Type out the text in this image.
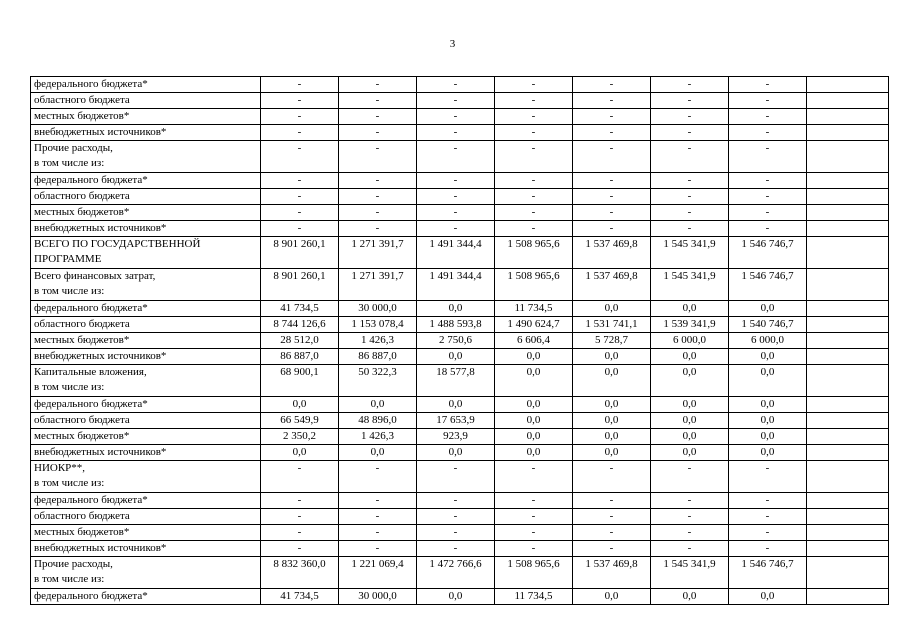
3
федерального бюджета*	-	-	-	-	-	-	-	
областного бюджета	-	-	-	-	-	-	-	
местных бюджетов*	-	-	-	-	-	-	-	
внебюджетных источников*	-	-	-	-	-	-	-	
Прочие расходы,
в том числе из:	-	-	-	-	-	-	-	
федерального бюджета*	-	-	-	-	-	-	-	
областного бюджета	-	-	-	-	-	-	-	
местных бюджетов*	-	-	-	-	-	-	-	
внебюджетных источников*	-	-	-	-	-	-	-	
ВСЕГО ПО ГОСУДАРСТВЕННОЙ
ПРОГРАММЕ	8 901 260,1	1 271 391,7	1 491 344,4	1 508 965,6	1 537 469,8	1 545 341,9	1 546 746,7	
Всего финансовых затрат,
в том числе из:	8 901 260,1	1 271 391,7	1 491 344,4	1 508 965,6	1 537 469,8	1 545 341,9	1 546 746,7	
федерального бюджета*	41 734,5	30 000,0	0,0	11 734,5	0,0	0,0	0,0	
областного бюджета	8 744 126,6	1 153 078,4	1 488 593,8	1 490 624,7	1 531 741,1	1 539 341,9	1 540 746,7	
местных бюджетов*	28 512,0	1 426,3	2 750,6	6 606,4	5 728,7	6 000,0	6 000,0	
внебюджетных источников*	86 887,0	86 887,0	0,0	0,0	0,0	0,0	0,0	
Капитальные вложения,
в том числе из:	68 900,1	50 322,3	18 577,8	0,0	0,0	0,0	0,0	
федерального бюджета*	0,0	0,0	0,0	0,0	0,0	0,0	0,0	
областного бюджета	66 549,9	48 896,0	17 653,9	0,0	0,0	0,0	0,0	
местных бюджетов*	2 350,2	1 426,3	923,9	0,0	0,0	0,0	0,0	
внебюджетных источников*	0,0	0,0	0,0	0,0	0,0	0,0	0,0	
НИОКР**,
в том числе из:	-	-	-	-	-	-	-	
федерального бюджета*	-	-	-	-	-	-	-	
областного бюджета	-	-	-	-	-	-	-	
местных бюджетов*	-	-	-	-	-	-	-	
внебюджетных источников*	-	-	-	-	-	-	-	
Прочие расходы,
в том числе из:	8 832 360,0	1 221 069,4	1 472 766,6	1 508 965,6	1 537 469,8	1 545 341,9	1 546 746,7	
федерального бюджета*	41 734,5	30 000,0	0,0	11 734,5	0,0	0,0	0,0	
